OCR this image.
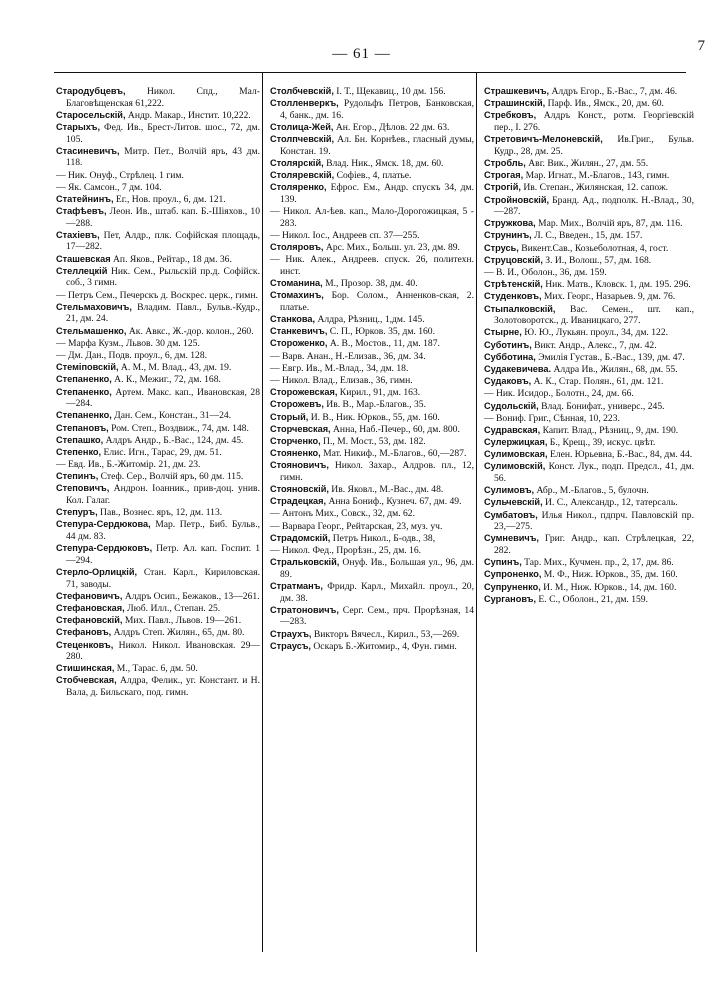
— 61 —	7
Стародубцевъ, Никол. Спд., Мал-Благовѣщенская 61,222.
Старосельскій, Андр. Макар., Инстит. 10,222.
Старыхъ, Фед. Ив., Брест-Литов. шос., 72, дм. 105.
Стасиневичъ, Митр. Пет., Волчій яръ, 43 дм. 118.
— Ник. Онуф., Стрѣлец. 1 гим.
— Як. Самсон., 7 дм. 104.
Статейнинъ, Ег., Нов. проул., 6, дм. 121.
Стафѣевъ, Леон. Ив., штаб. кап. Б.-Шіяхов., 10—288.
Стахіевъ, Пет, Алдр., плк. Софійская площадь, 17—282.
Сташевская Ап. Яков., Рейтар., 18 дм. 36.
Стеллецкій Ник. Сем., Рыльскій пр.д. Софійск. соб., 3 гимн.
— Петръ Сем., Печерскъ д. Воскрес. церк., гимн.
Стельмаховичъ, Владим. Павл., Бульв.-Кудр., 21, дм. 24.
Стельмашенко, Ак. Авкс., Ж.-дор. колон., 260.
— Марфа Кузм., Львов. 30 дм. 125.
— Дм. Дан., Подв. проул., 6, дм. 128.
Стеміповскій, А. М., М. Влад., 43, дм. 19.
Степаненко, А. К., Межиг., 72, дм. 168.
Степаненко, Артем. Макс. кап., Ивановская, 28—284.
Степаненко, Дан. Сем., Констан., 31—24.
Степановъ, Ром. Степ., Воздвиж., 74, дм. 148.
Степашко, Алдръ Андр., Б.-Вас., 124, дм. 45.
Степенко, Елис. Игн., Тарас, 29, дм. 51.
— Евд. Ив., Б.-Житомір. 21, дм. 23.
Степинъ, Стеф. Сер., Волчій яръ, 60 дм. 115.
Степовичъ, Андрон. Іоанник., прив-доц. унив. Кол. Галаг.
Степуръ, Пав., Вознес. яръ, 12, дм. 113.
Степура-Сердюкова, Мар. Петр., Биб. Бульв., 44 дм. 83.
Степура-Сердюковъ, Петр. Ал. кап. Госпит. 1—294.
Стерло-Орлицкій, Стан. Карл., Кириловская. 71, заводы.
Стефановичъ, Алдръ Осип., Бежаков., 13—261.
Стефановская, Люб. Илл., Степан. 25.
Стефановскій, Мих. Павл., Львов. 19—261.
Стефановъ, Алдръ Степ. Жилян., 65, дм. 80.
Стеценковъ, Никол. Никол. Ивановская. 29—280.
Стишинская, М., Тарас. 6, дм. 50.
Стобчевская, Алдра, Фелик., уг. Констант. и Н. Вала, д. Бильскаго, под. гимн.
Столбчевскій, І. Т., Щекавиц., 10 дм. 156.
Столленверкъ, Рудольфъ Петров, Банковская, 4, банк., дм. 16.
Столица-Жей, Ан. Егор., Дѣлов. 22 дм. 63.
Столпчевскій, Ал. Бн. Корнѣев., гласный думы, Констан. 19.
Столярскій, Влад. Ник., Ямск. 18, дм. 60.
Столяревскій, Софіев., 4, платье.
Столяренко, Ефрос. Ем., Андр. спускъ 34, дм. 139.
— Никол. Ал-ѣев. кап., Мало-Дорогожицкая, 5 - 283.
— Никол. Іос., Андреев сп. 37—255.
Столяровъ, Арс. Мих., Больш. ул. 23, дм. 89.
— Ник. Алек., Андреев. спуск. 26, политехн. инст.
Стоманина, М., Прозор. 38, дм. 40.
Стомахинъ, Бор. Солом., Анненков-ская, 2. платье.
Станкова, Алдра, Рѣзниц., 1,дм. 145.
Станкевичъ, С. П., Юрков. 35, дм. 160.
Стороженко, А. В., Мостов., 11, дм. 187.
— Варв. Анан., Н.-Елизав., 36, дм. 34.
— Евгр. Ив., М.-Влад., 34, дм. 18.
— Никол. Влад., Елизав., 36, гимн.
Сторожевская, Кирил., 91, дм. 163.
Сторожевъ, Ив. В., Мар.-Благов., 35.
Сторый, И. В., Ник. Юрков., 55, дм. 160.
Сторчевская, Анна, Наб.-Печер., 60, дм. 800.
Сторченко, П., М. Мост., 53, дм. 182.
Стояненко, Мат. Никиф., М.-Благов., 60,—287.
Стояновичъ, Никол. Захар., Алдров. пл., 12, гимн.
Стояновскій, Ив. Яковл., М.-Вас., дм. 48.
Страдецкая, Анна Бониф., Кузнеч. 67, дм. 49.
— Антонъ Мих., Совск., 32, дм. 62.
— Варвара Георг., Рейтарская, 23, муз. уч.
Страдомскій, Петръ Никол., Б-одв., 38,
— Никол. Фед., Прорѣзн., 25, дм. 16.
Стральковскій, Онуф. Ив., Большая ул., 96, дм. 89.
Стратманъ, Фридр. Карл., Михайл. проул., 20, дм. 38.
Стратоновичъ, Серг. Сем., прч. Прорѣзная, 14—283.
Страухъ, Викторъ Вячесл., Кирил., 53,—269.
Страусъ, Оскаръ Б.-Житомир., 4, Фун. гимн.
Страшкевичъ, Алдръ Егор., Б.-Вас., 7, дм. 46.
Страшинскій, Парф. Ив., Ямск., 20, дм. 60.
Стребковъ, Алдръ Конст., ротм. Георгіевскій пер., І. 276.
Стретовичъ-Мелоневскій, Ив.Григ., Бульв. Кудр., 28, дм. 25.
Стробль, Авг. Вик., Жилян., 27, дм. 55.
Строгая, Мар. Игнат., М.-Благов., 143, гимн.
Строгій, Ив. Степан., Жилянская, 12. сапож.
Стройновскій, Бранд. Ад., подполк. Н.-Влад., 30,—287.
Стружкова, Мар. Мих., Волчій яръ, 87, дм. 116.
Струнинъ, Л. С., Введен., 15, дм. 157.
Струсь, Викент.Сав., Козьеболотная, 4, гост.
Струцовскій, З. И., Волош., 57, дм. 168.
— В. И., Оболон., 36, дм. 159.
Стрѣтенскій, Ник. Матв., Кловск. 1, дм. 195. 296.
Студенковъ, Мих. Георг., Назарьев. 9, дм. 76.
Стыпалковскій, Вас. Семен., шт. кап., Золотоворотск., д. Иваницкаго, 277.
Стырне, Ю. Ю., Лукьян. проул., 34, дм. 122.
Суботинъ, Викт. Андр., Алекс., 7, дм. 42.
Субботина, Эмилія Густав., Б.-Вас., 139, дм. 47.
Судакевичева. Алдра Ив., Жилян., 68, дм. 55.
Судаковъ, А. К., Стар. Полян., 61, дм. 121.
— Ник. Исидор., Болотн., 24, дм. 66.
Судольскій, Влад. Бонифат., универс., 245.
— Вониф. Григ., Сѣнная, 10, 223.
Судравская, Капит. Влад., Рѣзниц., 9, дм. 190.
Сулержицкая, Б., Крещ., 39, искус. цвѣт.
Сулимовская, Елен. Юрьевна, Б.-Вас., 84, дм. 44.
Сулимовскій, Конст. Лук., подп. Предсл., 41, дм. 56.
Сулимовъ, Абр., М.-Благов., 5, булочн.
Сульчевскій, И. С., Александр., 12, татерсаль.
Сумбатовъ, Илья Никол., пдпрч. Павловскій пр. 23,—275.
Сумневичъ, Григ. Андр., кап. Стрѣлецкая, 22, 282.
Супинъ, Тар. Мих., Кучмен. пр., 2, 17, дм. 86.
Супроненко, М. Ф., Ниж. Юрков., 35, дм. 160.
Супруненко, И. М., Ниж. Юрков., 14, дм. 160.
Сургановъ, Е. С., Оболон., 21, дм. 159.
